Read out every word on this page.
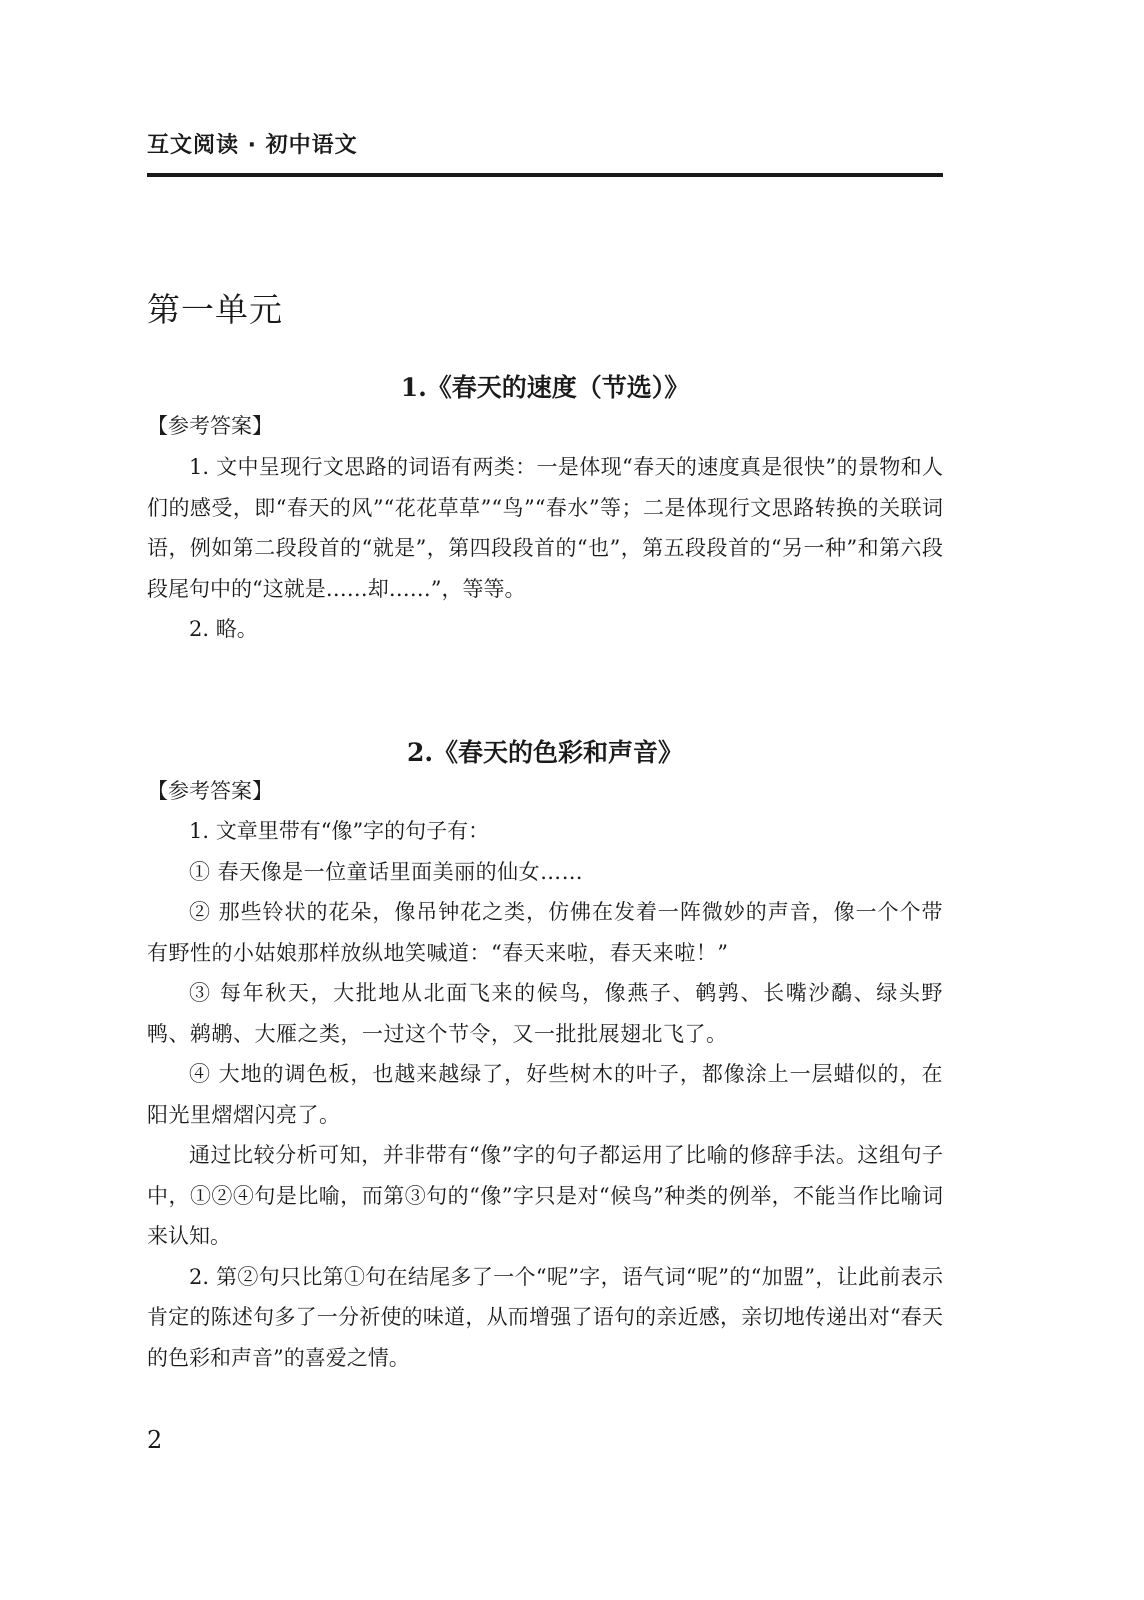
互文阅读 · 初中语文
第一单元
1.《春天的速度（节选）》
【参考答案】

1. 文中呈现行文思路的词语有两类：一是体现“春天的速度真是很快”的景物和人们的感受，即“春天的风”“花花草草”“鸟”“春水”等；二是体现行文思路转换的关联词语，例如第二段段首的“就是”，第四段段首的“也”，第五段段首的“另一种”和第六段段尾句中的“这就是……却……”，等等。

2. 略。

2.《春天的色彩和声音》
【参考答案】

1. 文章里带有“像”字的句子有：

① 春天像是一位童话里面美丽的仙女……

② 那些铃状的花朵，像吊钟花之类，仿佛在发着一阵微妙的声音，像一个个带有野性的小姑娘那样放纵地笑喊道：“春天来啦，春天来啦！”

③ 每年秋天，大批地从北面飞来的候鸟，像燕子、鹌鹑、长嘴沙鷸、绿头野鸭、鹈鹕、大雁之类，一过这个节令，又一批批展翅北飞了。

④ 大地的调色板，也越来越绿了，好些树木的叶子，都像涂上一层蜡似的，在阳光里熠熠闪亮了。

通过比较分析可知，并非带有“像”字的句子都运用了比喻的修辞手法。这组句子中，①②④句是比喻，而第③句的“像”字只是对“候鸟”种类的例举，不能当作比喻词来认知。

2. 第②句只比第①句在结尾多了一个“呢”字，语气词“呢”的“加盟”，让此前表示肯定的陈述句多了一分祈使的味道，从而增强了语句的亲近感，亲切地传递出对“春天的色彩和声音”的喜爱之情。

2
